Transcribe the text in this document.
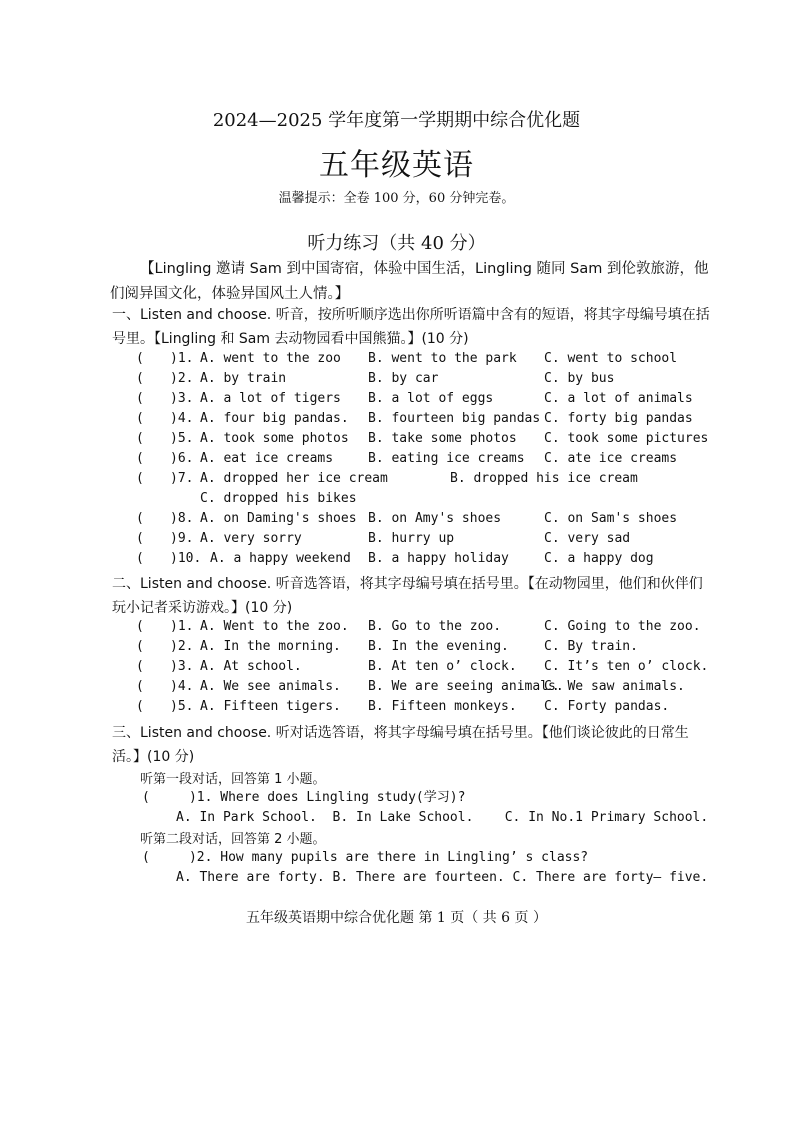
2024—2025 学年度第一学期期中综合优化题
五年级英语
温馨提示：全卷 100 分，60 分钟完卷。
听力练习（共 40 分）
【Lingling 邀请 Sam 到中国寄宿，体验中国生活，Lingling 随同 Sam 到伦敦旅游，他们阅异国文化，体验异国风土人情。】
一、Listen and choose. 听音，按所听顺序选出你所听语篇中含有的短语，将其字母编号填在括号里。【Lingling 和 Sam 去动物园看中国熊猫。】(10 分)
( )1. A. went to the zoo B. went to the park C. went to school
( )2. A. by train	B. by car	C. by bus
( )3. A. a lot of tigers B. a lot of eggs	C. a lot of animals
( )4. A. four big pandas. B. fourteen big pandas C. forty big pandas
( )5. A. took some photos B. take some photos C. took some pictures
( )6. A. eat ice creams	B. eating ice creams C. ate ice creams
( )7. A. dropped her ice cream	B. dropped his ice cream
C. dropped his bikes
( )8. A. on Daming's shoes B. on Amy's shoes	C. on Sam's shoes
( )9. A. very sorry	B. hurry up	C. very sad
( )10. A. a happy weekend B. a happy holiday	C. a happy dog
二、Listen and choose. 听音选答语，将其字母编号填在括号里。【在动物园里，他们和伙伴们玩小记者采访游戏。】(10 分)
( )1. A. Went to the zoo. B. Go to the zoo.	C. Going to the zoo.
( )2. A. In the morning. B. In the evening.	C. By train.
( )3. A. At school.	B. At ten o’ clock. C. It’s ten o’ clock.
( )4. A. We see animals. B. We are seeing animals.
C. We saw animals.
( )5. A. Fifteen tigers. B. Fifteen monkeys. C. Forty pandas.
三、Listen and choose. 听对话选答语，将其字母编号填在括号里。【他们谈论彼此的日常生活。】(10 分)
听第一段对话，回答第 1 小题。
(     )1. Where does Lingling study(学习)?
A. In Park School.  B. In Lake School.    C. In No.1 Primary School.
听第二段对话，回答第 2 小题。
(     )2. How many pupils are there in Lingling’ s class?
A. There are forty. B. There are fourteen. C. There are forty— five.
五年级英语期中综合优化题 第 1 页（ 共 6 页 ）
